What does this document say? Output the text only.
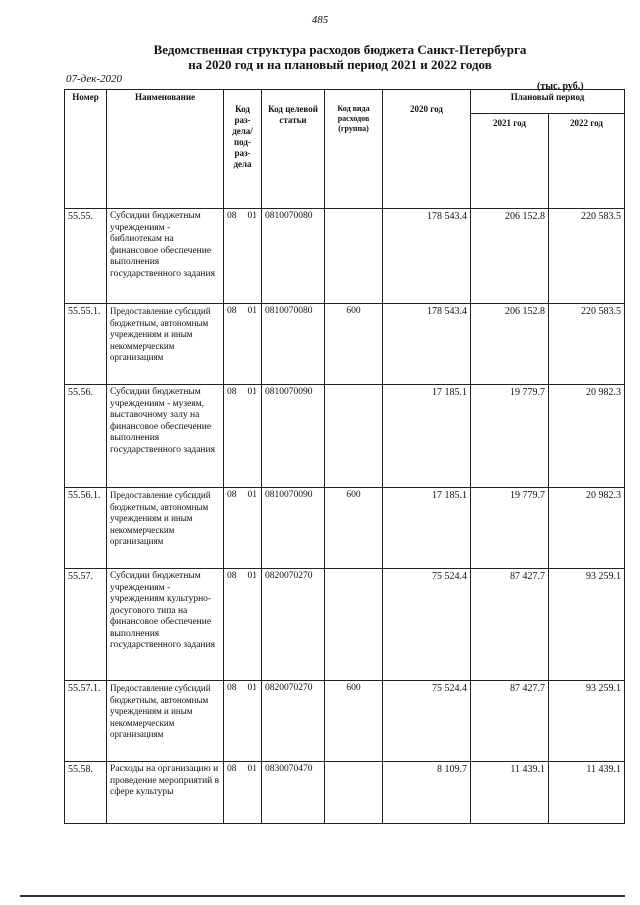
485
Ведомственная структура расходов бюджета Санкт-Петербурга
на 2020 год и на плановый период 2021 и 2022 годов
07-дек-2020
(тыс. руб.)
Номер	Наименование	Код раз-дела/ под-раз-дела	Код целевой статьи	Код вида расходов (группа)	2020 год	Плановый период	
						2021 год	2022 год
55.55.	Субсидии бюджетным учреждениям - библиотекам на финансовое обеспечение выполнения государственного задания	08 01	0810070080		178 543.4	206 152.8	220 583.5
55.55.1.	Предоставление субсидий бюджетным, автономным учреждениям и иным некоммерческим организациям	08 01	0810070080	600	178 543.4	206 152.8	220 583.5
55.56.	Субсидии бюджетным учреждениям - музеям, выставочному залу на финансовое обеспечение выполнения государственного задания	08 01	0810070090		17 185.1	19 779.7	20 982.3
55.56.1.	Предоставление субсидий бюджетным, автономным учреждениям и иным некоммерческим организациям	08 01	0810070090	600	17 185.1	19 779.7	20 982.3
55.57.	Субсидии бюджетным учреждениям - учреждениям культурно-досугового типа на финансовое обеспечение выполнения государственного задания	08 01	0820070270		75 524.4	87 427.7	93 259.1
55.57.1.	Предоставление субсидий бюджетным, автономным учреждениям и иным некоммерческим организациям	08 01	0820070270	600	75 524.4	87 427.7	93 259.1
55.58.	Расходы на организацию и проведение мероприятий в сфере культуры	08 01	0830070470		8 109.7	11 439.1	11 439.1
